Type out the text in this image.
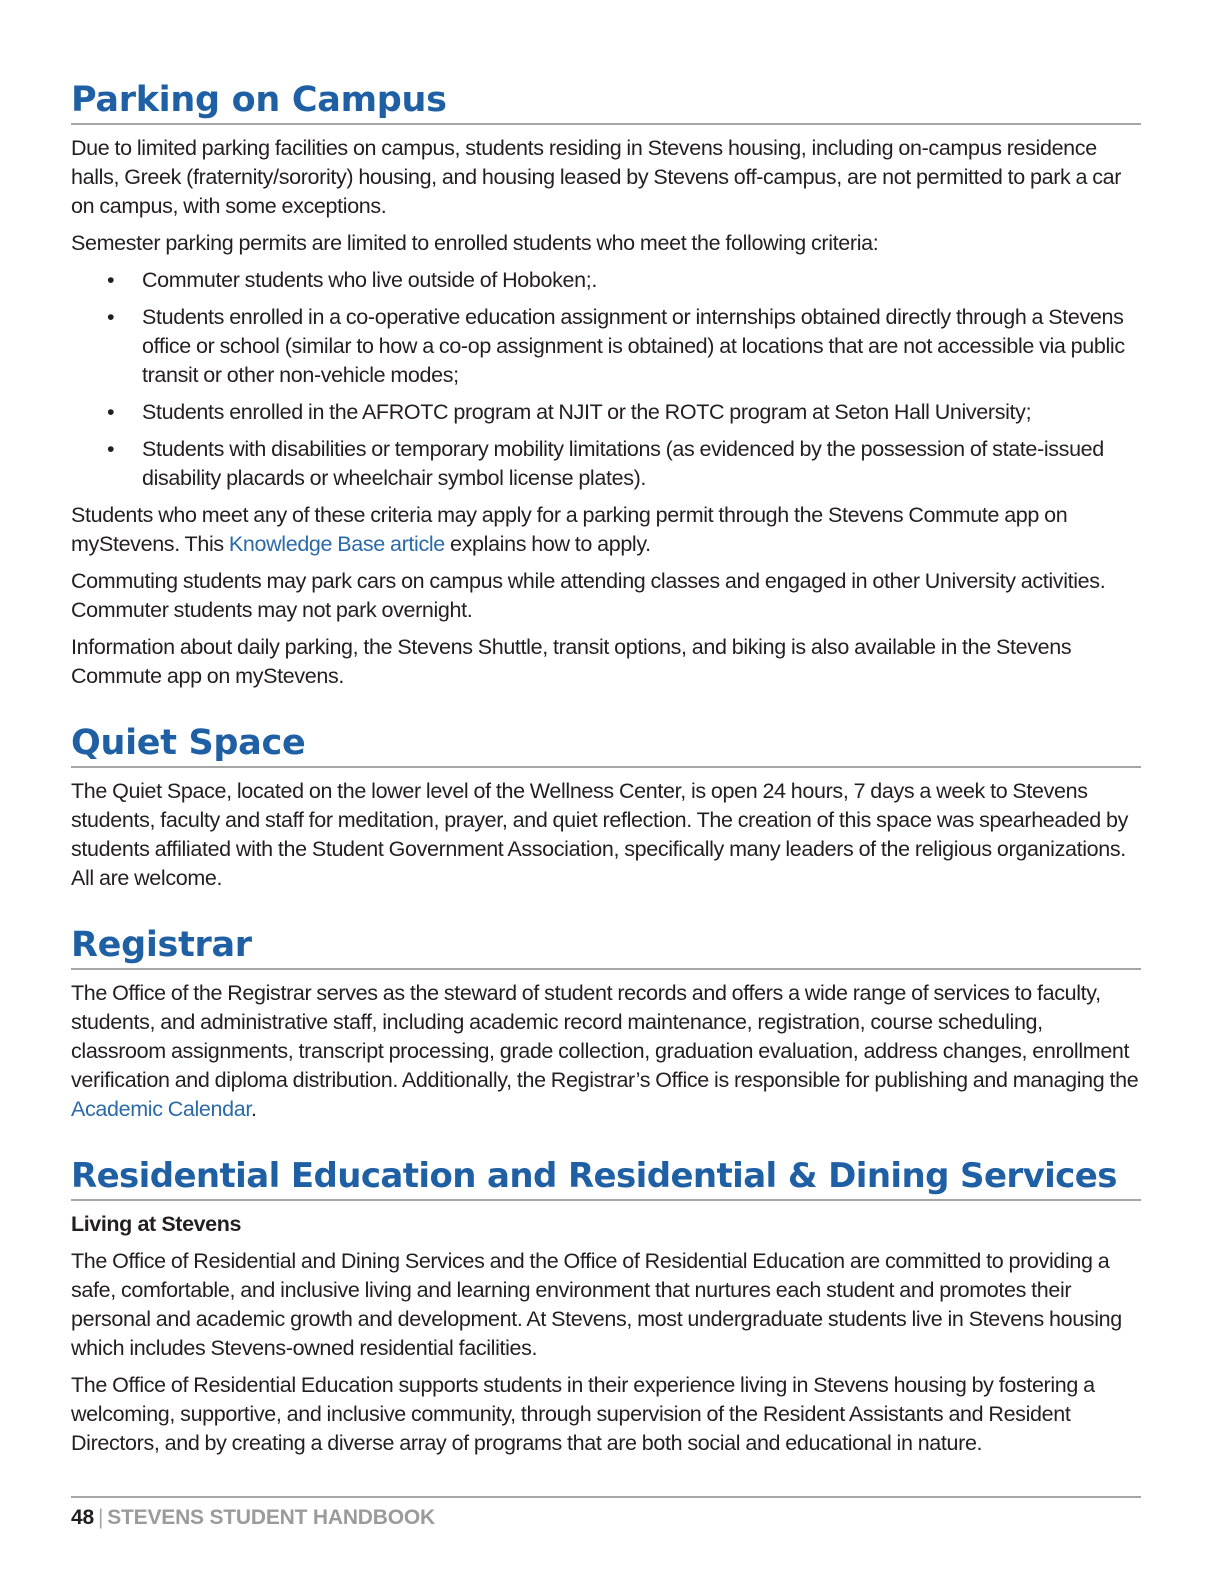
Parking on Campus

Due to limited parking facilities on campus, students residing in Stevens housing, including on-campus residence halls, Greek (fraternity/sorority) housing, and housing leased by Stevens off-campus, are not permitted to park a car on campus, with some exceptions.

Semester parking permits are limited to enrolled students who meet the following criteria:

• Commuter students who live outside of Hoboken;.
• Students enrolled in a co-operative education assignment or internships obtained directly through a Stevens office or school (similar to how a co-op assignment is obtained) at locations that are not accessible via public transit or other non-vehicle modes;
• Students enrolled in the AFROTC program at NJIT or the ROTC program at Seton Hall University;
• Students with disabilities or temporary mobility limitations (as evidenced by the possession of state-issued disability placards or wheelchair symbol license plates).

Students who meet any of these criteria may apply for a parking permit through the Stevens Commute app on myStevens. This Knowledge Base article explains how to apply.

Commuting students may park cars on campus while attending classes and engaged in other University activities. Commuter students may not park overnight.

Information about daily parking, the Stevens Shuttle, transit options, and biking is also available in the Stevens Commute app on myStevens.

Quiet Space

The Quiet Space, located on the lower level of the Wellness Center, is open 24 hours, 7 days a week to Stevens students, faculty and staff for meditation, prayer, and quiet reflection. The creation of this space was spearheaded by students affiliated with the Student Government Association, specifically many leaders of the religious organizations. All are welcome.

Registrar

The Office of the Registrar serves as the steward of student records and offers a wide range of services to faculty, students, and administrative staff, including academic record maintenance, registration, course scheduling, classroom assignments, transcript processing, grade collection, graduation evaluation, address changes, enrollment verification and diploma distribution. Additionally, the Registrar’s Office is responsible for publishing and managing the Academic Calendar.

Residential Education and Residential & Dining Services

Living at Stevens

The Office of Residential and Dining Services and the Office of Residential Education are committed to providing a safe, comfortable, and inclusive living and learning environment that nurtures each student and promotes their personal and academic growth and development. At Stevens, most undergraduate students live in Stevens housing which includes Stevens-owned residential facilities.

The Office of Residential Education supports students in their experience living in Stevens housing by fostering a welcoming, supportive, and inclusive community, through supervision of the Resident Assistants and Resident Directors, and by creating a diverse array of programs that are both social and educational in nature.

48 | STEVENS STUDENT HANDBOOK
